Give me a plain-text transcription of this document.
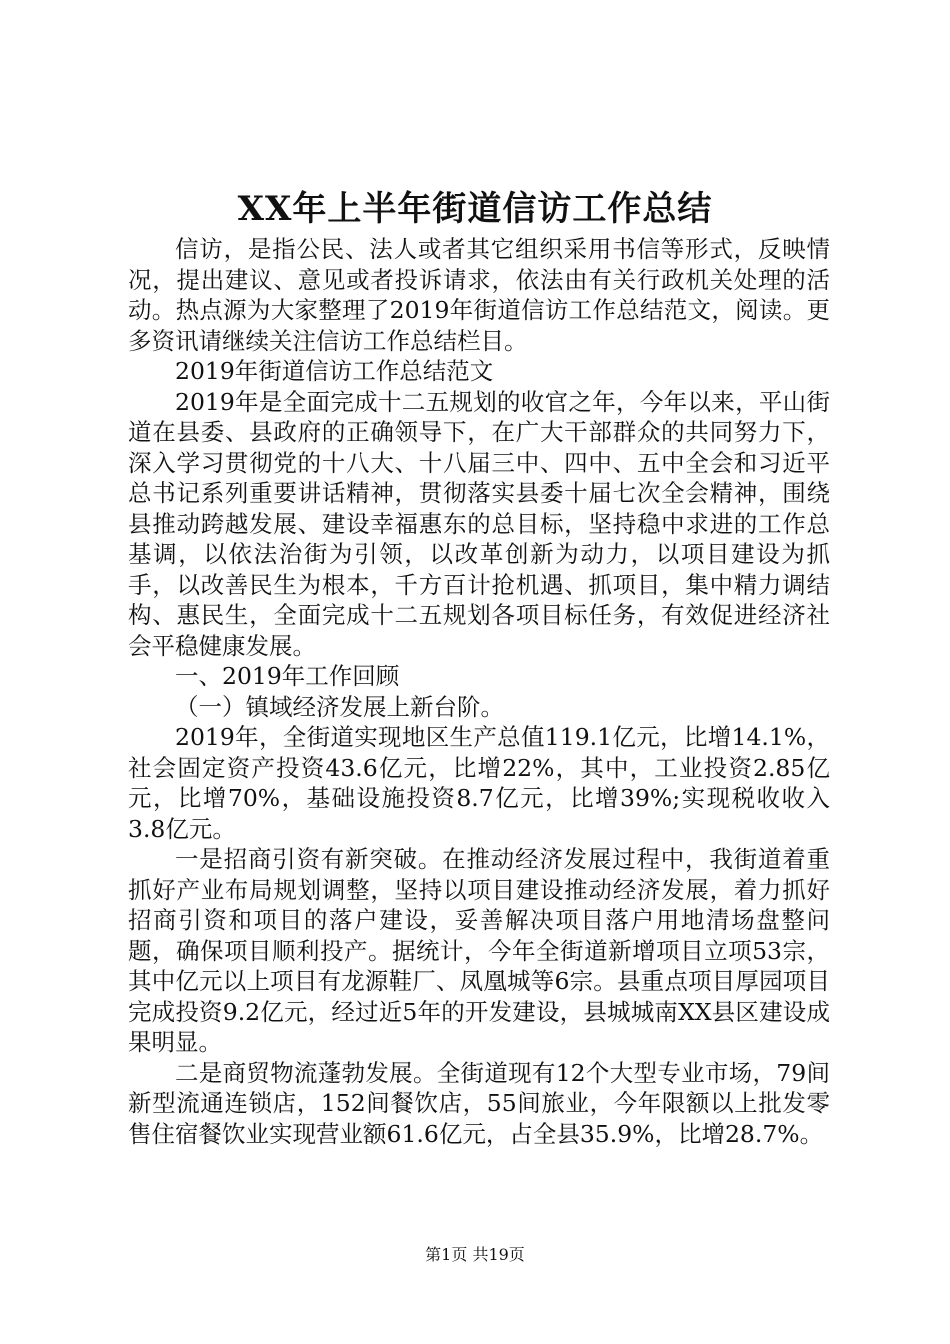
XX年上半年街道信访工作总结

信访，是指公民、法人或者其它组织采用书信等形式，反映情况，提出建议、意见或者投诉请求，依法由有关行政机关处理的活动。热点源为大家整理了2019年街道信访工作总结范文，阅读。更多资讯请继续关注信访工作总结栏目。

2019年街道信访工作总结范文

2019年是全面完成十二五规划的收官之年，今年以来，平山街道在县委、县政府的正确领导下，在广大干部群众的共同努力下，深入学习贯彻党的十八大、十八届三中、四中、五中全会和习近平总书记系列重要讲话精神，贯彻落实县委十届七次全会精神，围绕县推动跨越发展、建设幸福惠东的总目标，坚持稳中求进的工作总基调，以依法治街为引领，以改革创新为动力，以项目建设为抓手，以改善民生为根本，千方百计抢机遇、抓项目，集中精力调结构、惠民生，全面完成十二五规划各项目标任务，有效促进经济社会平稳健康发展。

一、2019年工作回顾

（一）镇域经济发展上新台阶。

2019年，全街道实现地区生产总值119.1亿元，比增14.1%，社会固定资产投资43.6亿元，比增22%，其中，工业投资2.85亿元，比增70%，基础设施投资8.7亿元，比增39%;实现税收收入3.8亿元。

一是招商引资有新突破。在推动经济发展过程中，我街道着重抓好产业布局规划调整，坚持以项目建设推动经济发展，着力抓好招商引资和项目的落户建设，妥善解决项目落户用地清场盘整问题，确保项目顺利投产。据统计，今年全街道新增项目立项53宗，其中亿元以上项目有龙源鞋厂、凤凰城等6宗。县重点项目厚园项目完成投资9.2亿元，经过近5年的开发建设，县城城南XX县区建设成果明显。

二是商贸物流蓬勃发展。全街道现有12个大型专业市场，79间新型流通连锁店，152间餐饮店，55间旅业，今年限额以上批发零售住宿餐饮业实现营业额61.6亿元，占全县35.9%，比增28.7%。

第1页 共19页
